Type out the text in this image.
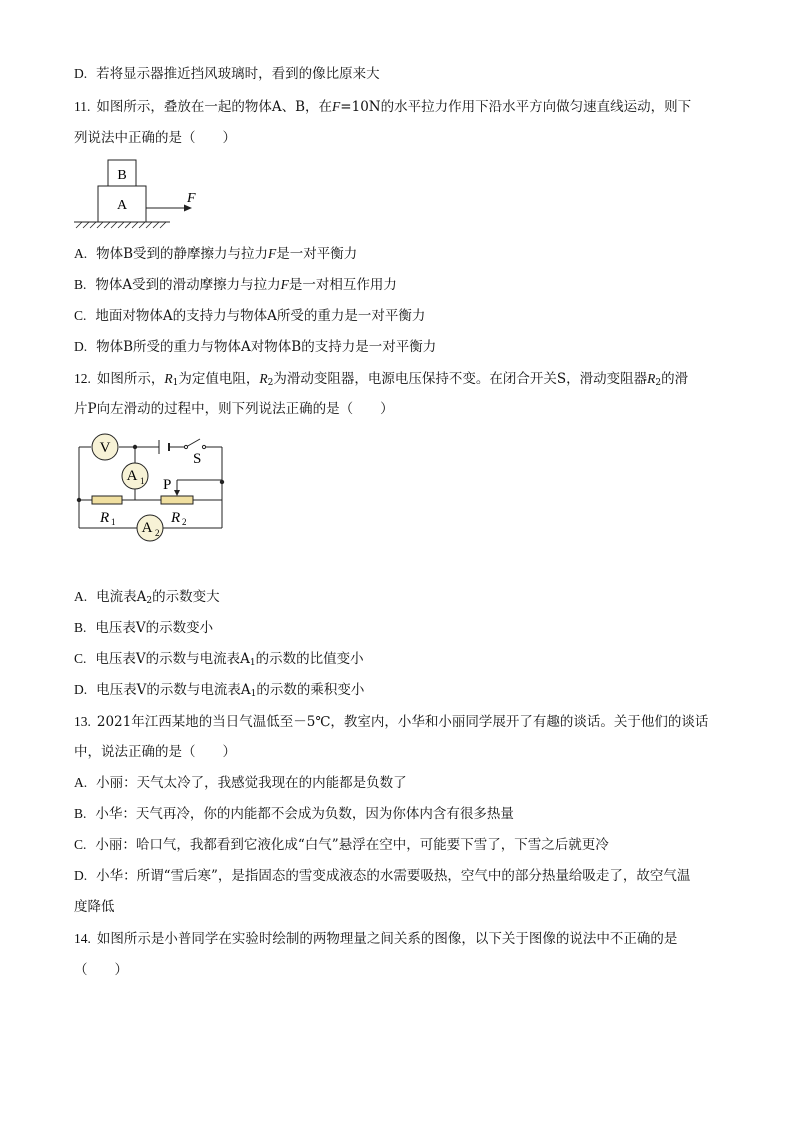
D. 若将显示器推近挡风玻璃时，看到的像比原来大
11. 如图所示，叠放在一起的物体A、B，在F=10N的水平拉力作用下沿水平方向做匀速直线运动，则下
列说法中正确的是（　　）
B
A	F
A. 物体B受到的静摩擦力与拉力F是一对平衡力
B. 物体A受到的滑动摩擦力与拉力F是一对相互作用力
C. 地面对物体A的支持力与物体A所受的重力是一对平衡力
D. 物体B所受的重力与物体A对物体B的支持力是一对平衡力
12. 如图所示，$R_1$为定值电阻，$R_2$为滑动变阻器，电源电压保持不变。在闭合开关S，滑动变阻器$R_2$的滑
片P向左滑动的过程中，则下列说法正确的是（　　）
S
V
A 1
A 2
R 1	R 2
P
A. 电流表$A_2$的示数变大
B. 电压表V的示数变小
C. 电压表V的示数与电流表$A_1$的示数的比值变小
D. 电压表V的示数与电流表$A_1$的示数的乘积变小
13. 2021年江西某地的当日气温低至－5℃，教室内，小华和小丽同学展开了有趣的谈话。关于他们的谈话
中，说法正确的是（　　）
A. 小丽：天气太冷了，我感觉我现在的内能都是负数了
B. 小华：天气再冷，你的内能都不会成为负数，因为你体内含有很多热量
C. 小丽：哈口气，我都看到它液化成“白气”悬浮在空中，可能要下雪了，下雪之后就更冷
D. 小华：所谓“雪后寒”，是指固态的雪变成液态的水需要吸热，空气中的部分热量给吸走了，故空气温
度降低
14. 如图所示是小普同学在实验时绘制的两物理量之间关系的图像，以下关于图像的说法中不正确的是
（　　）
